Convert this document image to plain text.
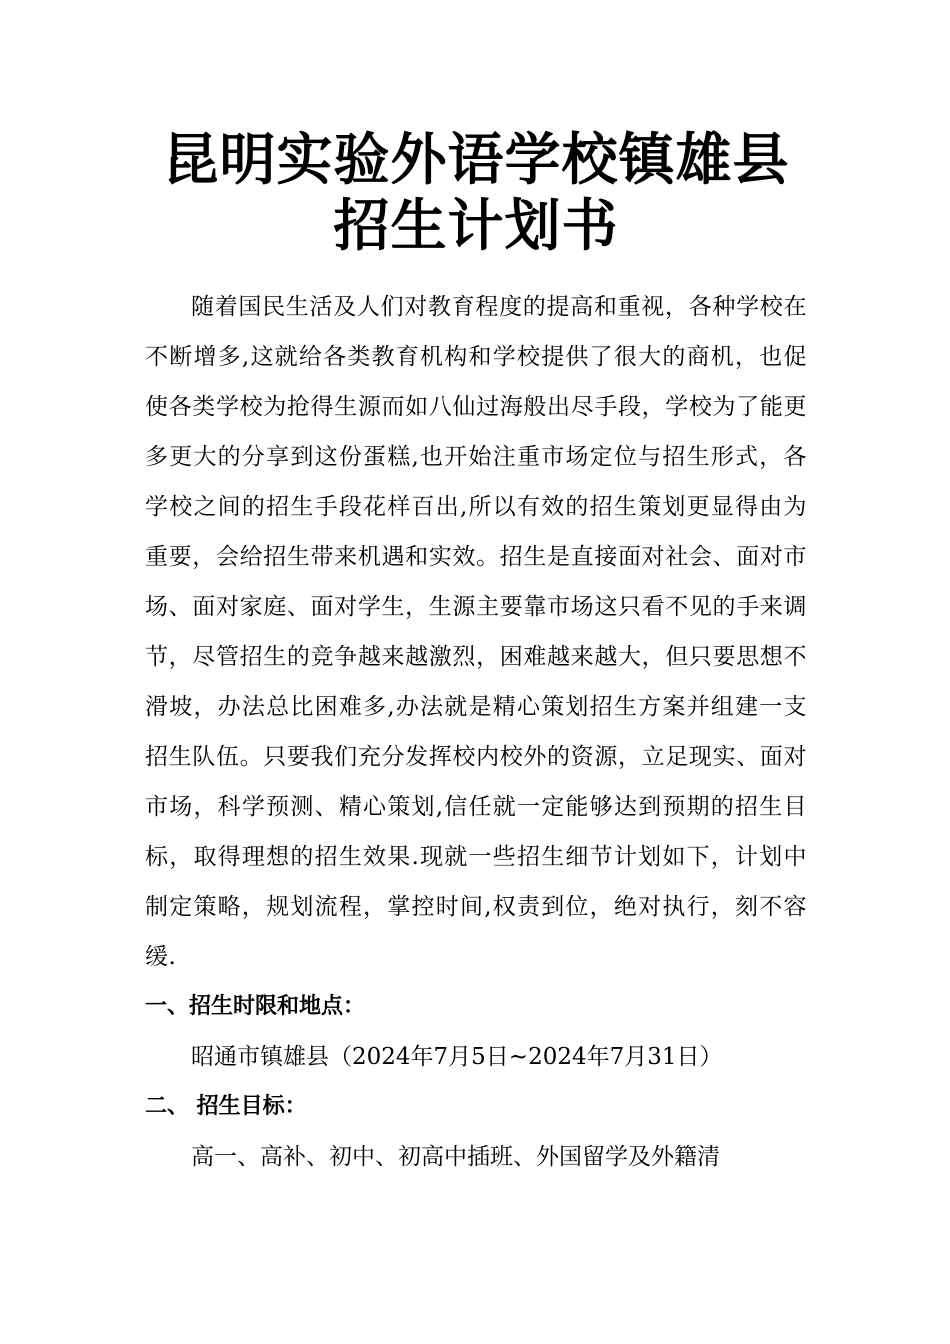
昆明实验外语学校镇雄县
招生计划书

随着国民生活及人们对教育程度的提高和重视，各种学校在不断增多,这就给各类教育机构和学校提供了很大的商机，也促使各类学校为抢得生源而如八仙过海般出尽手段，学校为了能更多更大的分享到这份蛋糕,也开始注重市场定位与招生形式，各学校之间的招生手段花样百出,所以有效的招生策划更显得由为重要，会给招生带来机遇和实效。招生是直接面对社会、面对市场、面对家庭、面对学生，生源主要靠市场这只看不见的手来调节，尽管招生的竞争越来越激烈，困难越来越大，但只要思想不滑坡，办法总比困难多,办法就是精心策划招生方案并组建一支招生队伍。只要我们充分发挥校内校外的资源，立足现实、面对市场，科学预测、精心策划,信任就一定能够达到预期的招生目标，取得理想的招生效果.现就一些招生细节计划如下，计划中制定策略，规划流程，掌控时间,权责到位，绝对执行，刻不容缓.

一、招生时限和地点：

昭通市镇雄县（2024年7月5日~2024年7月31日）

二、 招生目标：

高一、高补、初中、初高中插班、外国留学及外籍清
